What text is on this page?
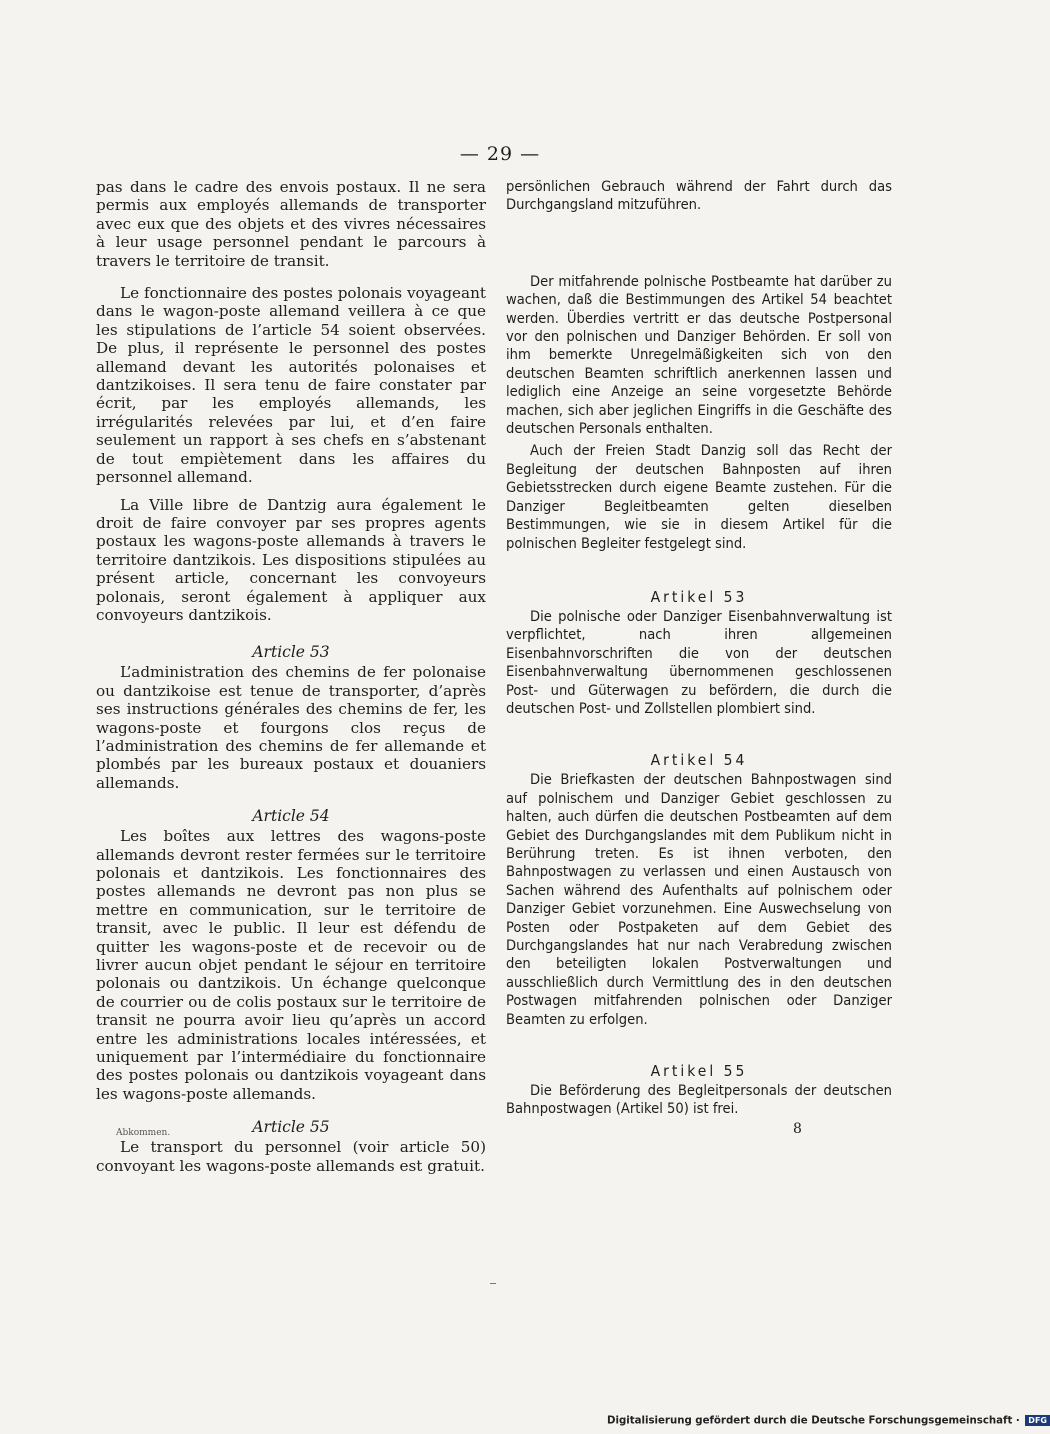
— 29 —

pas dans le cadre des envois postaux. Il ne sera permis aux employés allemands de transporter avec eux que des objets et des vivres nécessaires à leur usage personnel pendant le parcours à travers le territoire de transit.

Le fonctionnaire des postes polonais voyageant dans le wagon-poste allemand veillera à ce que les stipulations de l’article 54 soient observées. De plus, il représente le personnel des postes allemand devant les autorités polonaises et dantzikoises. Il sera tenu de faire constater par écrit, par les employés allemands, les irrégularités relevées par lui, et d’en faire seulement un rapport à ses chefs en s’abstenant de tout empiètement dans les affaires du personnel allemand.

La Ville libre de Dantzig aura également le droit de faire convoyer par ses propres agents postaux les wagons-poste allemands à travers le territoire dantzikois. Les dispositions stipulées au présent article, concernant les convoyeurs polonais, seront également à appliquer aux convoyeurs dantzikois.

Article 53

L’administration des chemins de fer polonaise ou dantzikoise est tenue de transporter, d’après ses instructions générales des chemins de fer, les wagons-poste et fourgons clos reçus de l’administration des chemins de fer allemande et plombés par les bureaux postaux et douaniers allemands.

Article 54

Les boîtes aux lettres des wagons-poste allemands devront rester fermées sur le territoire polonais et dantzikois. Les fonctionnaires des postes allemands ne devront pas non plus se mettre en communication, sur le territoire de transit, avec le public. Il leur est défendu de quitter les wagons-poste et de recevoir ou de livrer aucun objet pendant le séjour en territoire polonais ou dantzikois. Un échange quelconque de courrier ou de colis postaux sur le territoire de transit ne pourra avoir lieu qu’après un accord entre les administrations locales intéressées, et uniquement par l’intermédiaire du fonctionnaire des postes polonais ou dantzikois voyageant dans les wagons-poste allemands.

Article 55

Le transport du personnel (voir article 50) convoyant les wagons-poste allemands est gratuit.

persönlichen Gebrauch während der Fahrt durch das Durchgangsland mitzuführen.

Der mitfahrende polnische Postbeamte hat darüber zu wachen, daß die Bestimmungen des Artikel 54 beachtet werden. Überdies vertritt er das deutsche Postpersonal vor den polnischen und Danziger Behörden. Er soll von ihm bemerkte Unregelmäßigkeiten sich von den deutschen Beamten schriftlich anerkennen lassen und lediglich eine Anzeige an seine vorgesetzte Behörde machen, sich aber jeglichen Eingriffs in die Geschäfte des deutschen Personals enthalten.

Auch der Freien Stadt Danzig soll das Recht der Begleitung der deutschen Bahnposten auf ihren Gebietsstrecken durch eigene Beamte zustehen. Für die Danziger Begleitbeamten gelten dieselben Bestimmungen, wie sie in diesem Artikel für die polnischen Begleiter festgelegt sind.

Artikel 53

Die polnische oder Danziger Eisenbahnverwaltung ist verpflichtet, nach ihren allgemeinen Eisenbahnvorschriften die von der deutschen Eisenbahnverwaltung übernommenen geschlossenen Post- und Güterwagen zu befördern, die durch die deutschen Post- und Zollstellen plombiert sind.

Artikel 54

Die Briefkasten der deutschen Bahnpostwagen sind auf polnischem und Danziger Gebiet geschlossen zu halten, auch dürfen die deutschen Postbeamten auf dem Gebiet des Durchgangslandes mit dem Publikum nicht in Berührung treten. Es ist ihnen verboten, den Bahnpostwagen zu verlassen und einen Austausch von Sachen während des Aufenthalts auf polnischem oder Danziger Gebiet vorzunehmen. Eine Auswechselung von Posten oder Postpaketen auf dem Gebiet des Durchgangslandes hat nur nach Verabredung zwischen den beteiligten lokalen Postverwaltungen und ausschließlich durch Vermittlung des in den deutschen Postwagen mitfahrenden polnischen oder Danziger Beamten zu erfolgen.

Artikel 55

Die Beförderung des Begleitpersonals der deutschen Bahnpostwagen (Artikel 50) ist frei.

Abkommen.	8
Digitalisierung gefördert durch die Deutsche Forschungsgemeinschaft · DFG
